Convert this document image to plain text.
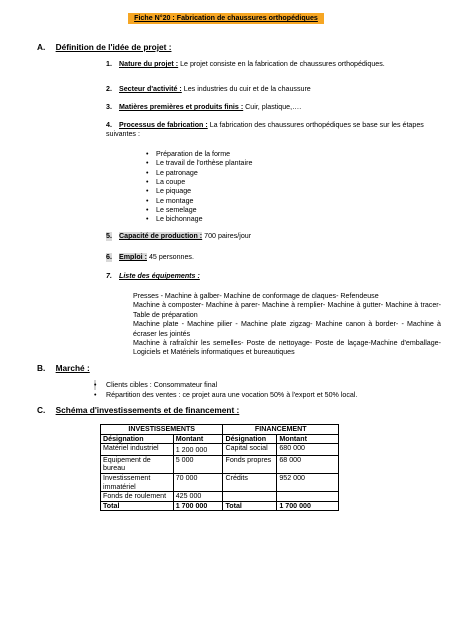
Fiche N°20 : Fabrication de chaussures orthopédiques
A. Définition de l'idée de projet :
Nature du projet : Le projet consiste en la fabrication de chaussures orthopédiques.
1.
2. Secteur d'activité : Les industries du cuir et de la chaussure
3. Matières premières et produits finis : Cuir, plastique,….
Processus de fabrication : La fabrication des chaussures orthopédiques se base sur les étapes suivantes :
4.
• Préparation de la forme
• Le travail de l'orthèse plantaire
• Le patronage
• La coupe
• Le piquage
• Le montage
• Le semelage
• Le bichonnage
5. Capacité de production : 700 paires/jour
6. Emploi : 45 personnes.
7. Liste des équipements :
Presses - Machine à galber- Machine de conformage de claques- Refendeuse
Machine à composter- Machine à parer- Machine à remplier- Machine à gutter- Machine à tracer- Table de préparation
Machine plate - Machine pilier - Machine plate zigzag- Machine canon à border- - Machine à écraser les jointés
Machine à rafraîchir les semelles- Poste de nettoyage- Poste de laçage-Machine d'emballage- Logiciels et Matériels informatiques et bureautiques
B. Marché :
• Clients cibles : Consommateur final
• Répartition des ventes : ce projet aura une vocation 50% à l'export et 50% local.
C. Schéma d'investissements et de financement :
INVESTISSEMENTS		FINANCEMENT	
Désignation	Montant	Désignation	Montant
Matériel industriel	1 200 000	Capital social	680 000
Equipement de bureau	5 000	Fonds propres	68 000
Investissement immatériel	70 000	Crédits	952 000
Fonds de roulement	425 000		
Total	1 700 000	Total	1 700 000
